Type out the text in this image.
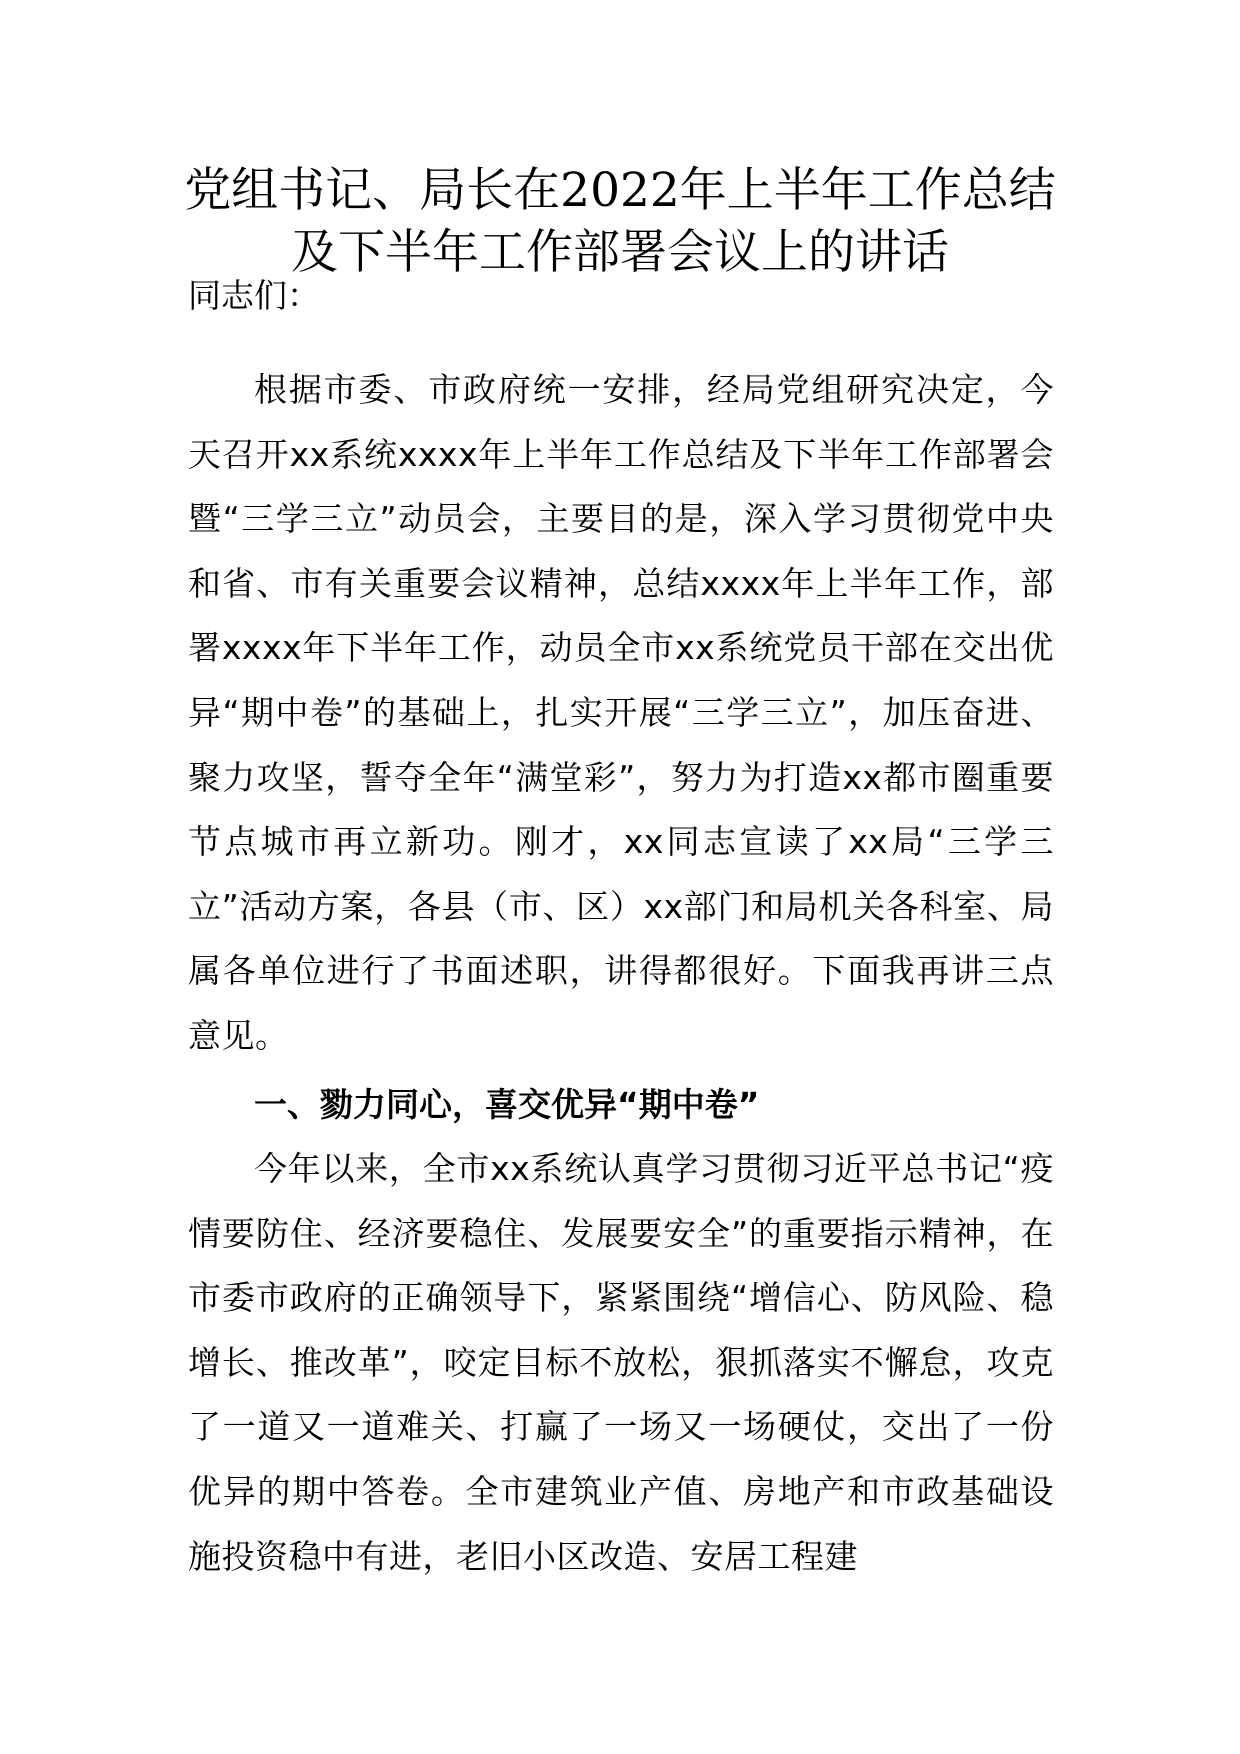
党组书记、局长在2022年上半年工作总结
及下半年工作部署会议上的讲话
同志们：

根据市委、市政府统一安排，经局党组研究决定，今天召开xx系统xxxx年上半年工作总结及下半年工作部署会暨“三学三立”动员会，主要目的是，深入学习贯彻党中央和省、市有关重要会议精神，总结xxxx年上半年工作，部署xxxx年下半年工作，动员全市xx系统党员干部在交出优异“期中卷”的基础上，扎实开展“三学三立”，加压奋进、聚力攻坚，誓夺全年“满堂彩”，努力为打造xx都市圈重要节点城市再立新功。刚才，xx同志宣读了xx局“三学三立”活动方案，各县（市、区）xx部门和局机关各科室、局属各单位进行了书面述职，讲得都很好。下面我再讲三点意见。

一、勠力同心，喜交优异“期中卷”

今年以来，全市xx系统认真学习贯彻习近平总书记“疫情要防住、经济要稳住、发展要安全”的重要指示精神，在市委市政府的正确领导下，紧紧围绕“增信心、防风险、稳增长、推改革”，咬定目标不放松，狠抓落实不懈怠，攻克了一道又一道难关、打赢了一场又一场硬仗，交出了一份优异的期中答卷。全市建筑业产值、房地产和市政基础设施投资稳中有进，老旧小区改造、安居工程建
